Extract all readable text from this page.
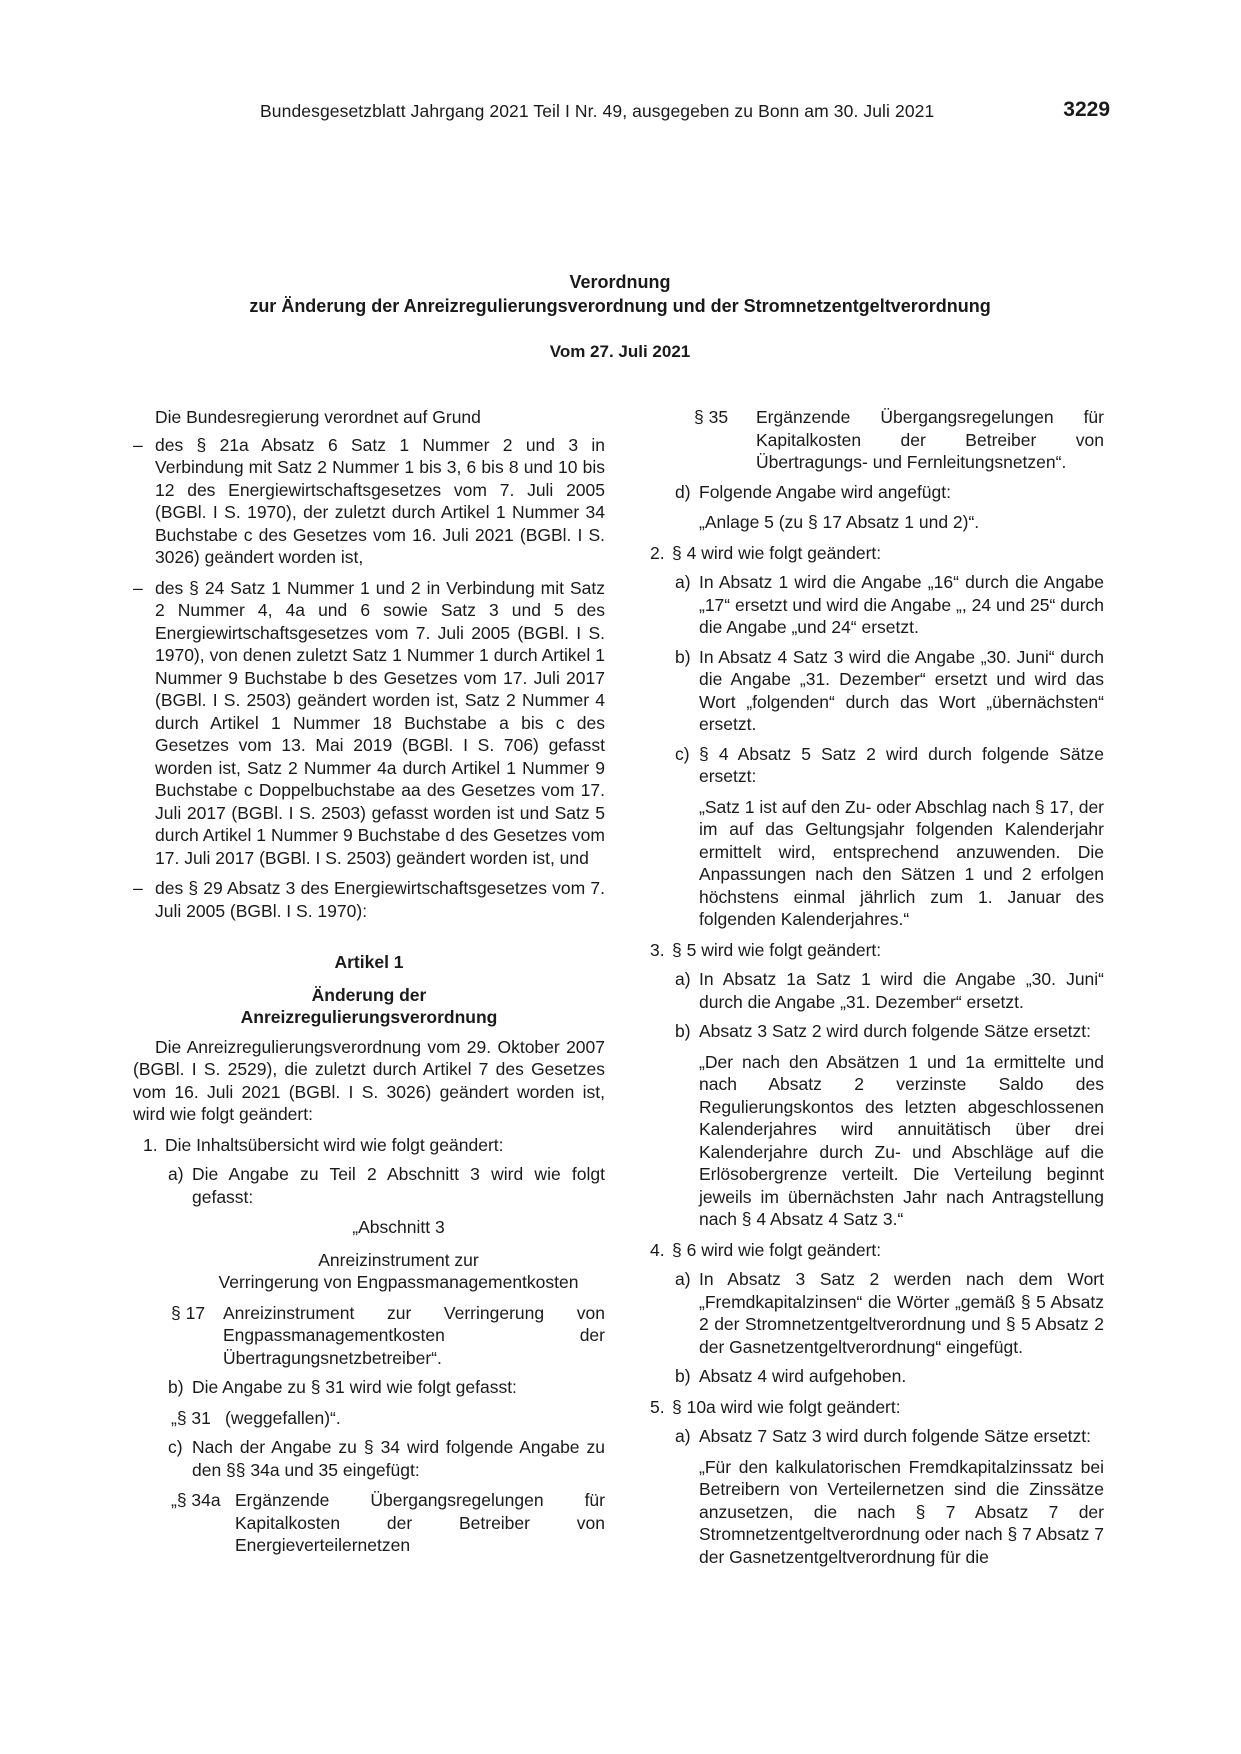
Bundesgesetzblatt Jahrgang 2021 Teil I Nr. 49, ausgegeben zu Bonn am 30. Juli 2021	3229
Verordnung
zur Änderung der Anreizregulierungsverordnung und der Stromnetzentgeltverordnung
Vom 27. Juli 2021

Die Bundesregierung verordnet auf Grund

– des § 21a Absatz 6 Satz 1 Nummer 2 und 3 in Verbindung mit Satz 2 Nummer 1 bis 3, 6 bis 8 und 10 bis 12 des Energiewirtschaftsgesetzes vom 7. Juli 2005 (BGBl. I S. 1970), der zuletzt durch Artikel 1 Nummer 34 Buchstabe c des Gesetzes vom 16. Juli 2021 (BGBl. I S. 3026) geändert worden ist,
– des § 24 Satz 1 Nummer 1 und 2 in Verbindung mit Satz 2 Nummer 4, 4a und 6 sowie Satz 3 und 5 des Energiewirtschaftsgesetzes vom 7. Juli 2005 (BGBl. I S. 1970), von denen zuletzt Satz 1 Nummer 1 durch Artikel 1 Nummer 9 Buchstabe b des Gesetzes vom 17. Juli 2017 (BGBl. I S. 2503) geändert worden ist, Satz 2 Nummer 4 durch Artikel 1 Nummer 18 Buchstabe a bis c des Gesetzes vom 13. Mai 2019 (BGBl. I S. 706) gefasst worden ist, Satz 2 Nummer 4a durch Artikel 1 Nummer 9 Buchstabe c Doppelbuchstabe aa des Gesetzes vom 17. Juli 2017 (BGBl. I S. 2503) gefasst worden ist und Satz 5 durch Artikel 1 Nummer 9 Buchstabe d des Gesetzes vom 17. Juli 2017 (BGBl. I S. 2503) geändert worden ist, und
– des § 29 Absatz 3 des Energiewirtschaftsgesetzes vom 7. Juli 2005 (BGBl. I S. 1970):
Artikel 1
Änderung der
Anreizregulierungsverordnung

Die Anreizregulierungsverordnung vom 29. Oktober 2007 (BGBl. I S. 2529), die zuletzt durch Artikel 7 des Gesetzes vom 16. Juli 2021 (BGBl. I S. 3026) geändert worden ist, wird wie folgt geändert:

1. Die Inhaltsübersicht wird wie folgt geändert:
a) Die Angabe zu Teil 2 Abschnitt 3 wird wie folgt gefasst:
„Abschnitt 3
Anreizinstrument zur
Verringerung von Engpassmanagementkosten
§ 17 Anreizinstrument zur Verringerung von Engpassmanagementkosten der Übertragungsnetzbetreiber“.
b) Die Angabe zu § 31 wird wie folgt gefasst:
„§ 31 (weggefallen)“.
c) Nach der Angabe zu § 34 wird folgende Angabe zu den §§ 34a und 35 eingefügt:
„§ 34a Ergänzende Übergangsregelungen für Kapitalkosten der Betreiber von Energieverteilernetzen
§ 35 Ergänzende Übergangsregelungen für Kapitalkosten der Betreiber von Übertragungs- und Fernleitungsnetzen“.
d) Folgende Angabe wird angefügt:

„Anlage 5 (zu § 17 Absatz 1 und 2)“.

2. § 4 wird wie folgt geändert:
a) In Absatz 1 wird die Angabe „16“ durch die Angabe „17“ ersetzt und wird die Angabe „, 24 und 25“ durch die Angabe „und 24“ ersetzt.
b) In Absatz 4 Satz 3 wird die Angabe „30. Juni“ durch die Angabe „31. Dezember“ ersetzt und wird das Wort „folgenden“ durch das Wort „übernächsten“ ersetzt.
c) § 4 Absatz 5 Satz 2 wird durch folgende Sätze ersetzt:

„Satz 1 ist auf den Zu- oder Abschlag nach § 17, der im auf das Geltungsjahr folgenden Kalenderjahr ermittelt wird, entsprechend anzuwenden. Die Anpassungen nach den Sätzen 1 und 2 erfolgen höchstens einmal jährlich zum 1. Januar des folgenden Kalenderjahres.“

3. § 5 wird wie folgt geändert:
a) In Absatz 1a Satz 1 wird die Angabe „30. Juni“ durch die Angabe „31. Dezember“ ersetzt.
b) Absatz 3 Satz 2 wird durch folgende Sätze ersetzt:

„Der nach den Absätzen 1 und 1a ermittelte und nach Absatz 2 verzinste Saldo des Regulierungskontos des letzten abgeschlossenen Kalenderjahres wird annuitätisch über drei Kalenderjahre durch Zu- und Abschläge auf die Erlösobergrenze verteilt. Die Verteilung beginnt jeweils im übernächsten Jahr nach Antragstellung nach § 4 Absatz 4 Satz 3.“

4. § 6 wird wie folgt geändert:
a) In Absatz 3 Satz 2 werden nach dem Wort „Fremdkapitalzinsen“ die Wörter „gemäß § 5 Absatz 2 der Stromnetzentgeltverordnung und § 5 Absatz 2 der Gasnetzentgeltverordnung“ eingefügt.
b) Absatz 4 wird aufgehoben.
5. § 10a wird wie folgt geändert:
a) Absatz 7 Satz 3 wird durch folgende Sätze ersetzt:

„Für den kalkulatorischen Fremdkapitalzinssatz bei Betreibern von Verteilernetzen sind die Zinssätze anzusetzen, die nach § 7 Absatz 7 der Stromnetzentgeltverordnung oder nach § 7 Absatz 7 der Gasnetzentgeltverordnung für die
